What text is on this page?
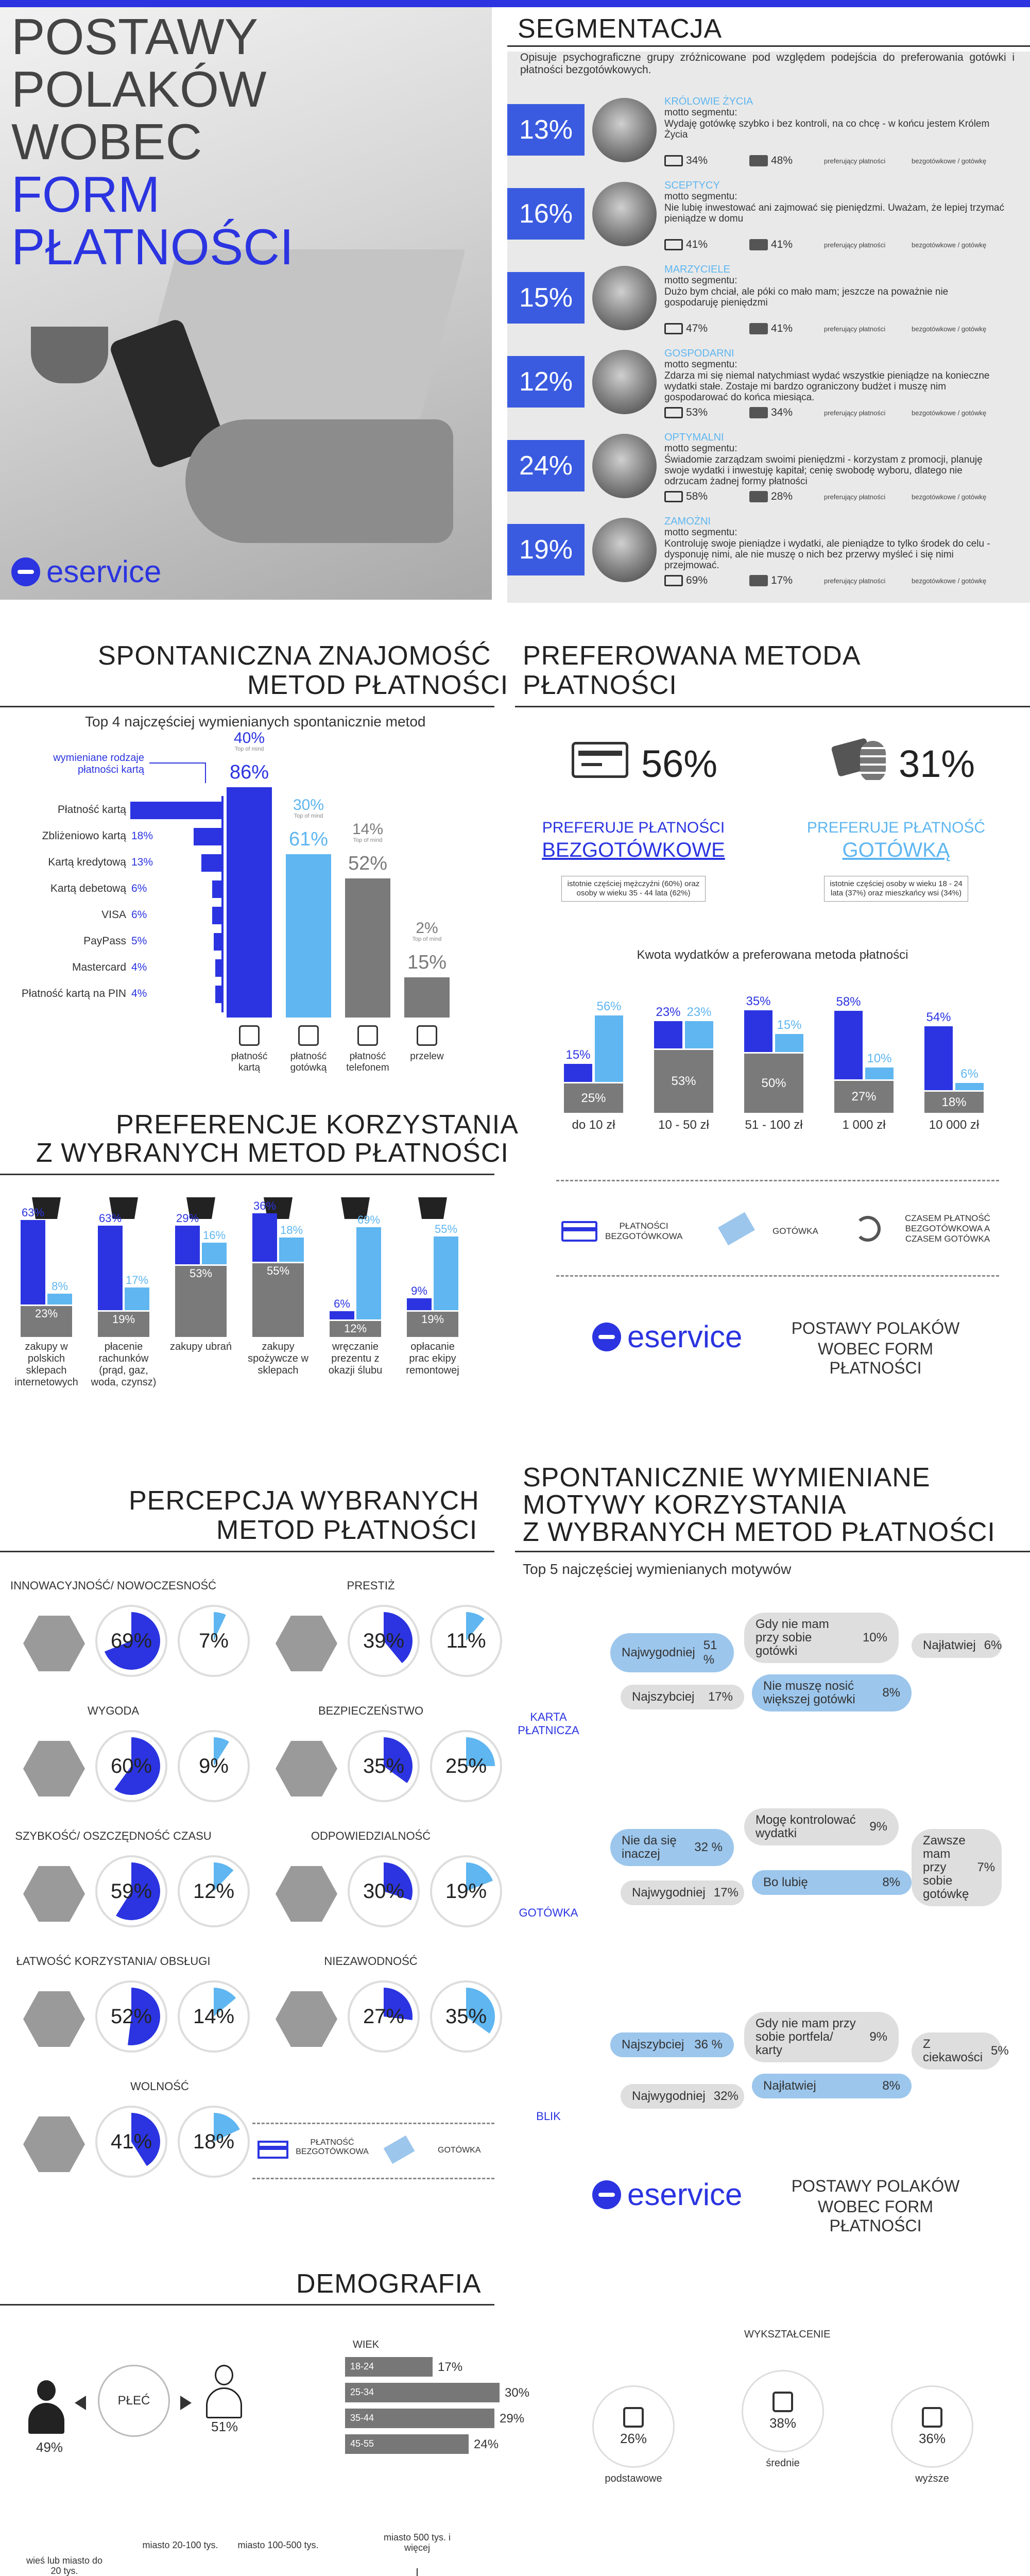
POSTAWY
POLAKÓW
WOBEC
FORM
PŁATNOŚCI
eservice
SEGMENTACJA
Opisuje psychograficzne grupy zróżnicowane pod względem podejścia do preferowania gotówki i płatności bezgotówkowych.
13%
KRÓLOWIE ŻYCIA
motto segmentu:
Wydaję gotówkę szybko i bez kontroli, na co chcę - w końcu jestem Królem Życia
34%	48%	preferujący płatności	bezgotówkowe / gotówkę
16%
SCEPTYCY
motto segmentu:
Nie lubię inwestować ani zajmować się pieniędzmi. Uważam, że lepiej trzymać pieniądze w domu
41%	41%	preferujący płatności	bezgotówkowe / gotówkę
15%
MARZYCIELE
motto segmentu:
Dużo bym chciał, ale póki co mało mam; jeszcze na poważnie nie gospodaruję pieniędzmi
47%	41%	preferujący płatności	bezgotówkowe / gotówkę
12%
GOSPODARNI
motto segmentu:
Zdarza mi się niemal natychmiast wydać wszystkie pieniądze na konieczne wydatki stałe. Zostaje mi bardzo ograniczony budżet i muszę nim gospodarować do końca miesiąca.
53%	34%	preferujący płatności	bezgotówkowe / gotówkę
24%
OPTYMALNI
motto segmentu:
Świadomie zarządzam swoimi pieniędzmi - korzystam z promocji, planuję swoje wydatki i inwestuję kapitał; cenię swobodę wyboru, dlatego nie odrzucam żadnej formy płatności
58%	28%	preferujący płatności	bezgotówkowe / gotówkę
19%
ZAMOŻNI
motto segmentu:
Kontroluję swoje pieniądze i wydatki, ale pieniądze to tylko środek do celu - dysponuję nimi, ale nie muszę o nich bez przerwy myśleć i się nimi przejmować.
69%	17%	preferujący płatności	bezgotówkowe / gotówkę
SPONTANICZNA ZNAJOMOŚĆ
METOD PŁATNOŚCI
Top 4 najczęściej wymienianych spontanicznie metod
wymieniane rodzaje płatności kartą
Płatność kartą
Zbliżeniowo kartą 18%
Kartą kredytową 13%
Kartą debetową 6%
VISA 6%
PayPass 5%
Mastercard 4%
Płatność kartą na PIN 4%
40%
Top of mind
86%
płatność kartą
30%
Top of mind
61%
płatność gotówką
14%
Top of mind
52%
płatność telefonem
2%
Top of mind
15%
przelew
PREFEROWANA METODA
PŁATNOŚCI
56%	31%
PREFERUJE PŁATNOŚCI
BEZGOTÓWKOWE
istotnie częściej mężczyźni (60%) oraz osoby w wieku 35 - 44 lata (62%)
PREFERUJE PŁATNOŚĆ
GOTÓWKĄ
istotnie częściej osoby w wieku 18 - 24 lata (37%) oraz mieszkańcy wsi (34%)
Kwota wydatków a preferowana metoda płatności
25%
15%
56%
do 10 zł
53%
23% 23%
10 - 50 zł
50%
35%
15%
51 - 100 zł
27%
58%
10%
1 000 zł
18%
54%
6%
10 000 zł
PŁATNOŚCI BEZGOTÓWKOWA
GOTÓWKA
CZASEM PŁATNOŚĆ BEZGOTÓWKOWA A CZASEM GOTÓWKA
PREFERENCJE KORZYSTANIA
Z WYBRANYCH METOD PŁATNOŚCI
23%
63%
8%
zakupy w polskich sklepach internetowych
19%
63%
17%
płacenie rachunków (prąd, gaz, woda, czynsz)
53%
29%
16%
zakupy ubrań
55%
36%
18%
zakupy spożywcze w sklepach
12%
6%
69%
wręczanie prezentu z okazji ślubu
19%
9%
55%
opłacanie prac ekipy remontowej
eservice	POSTAWY POLAKÓW
WOBEC FORM PŁATNOŚCI
PERCEPCJA WYBRANYCH
METOD PŁATNOŚCI
INNOWACYJNOŚĆ/ NOWOCZESNOŚĆ
69%	7%
PRESTIŻ
39%	11%
WYGODA
60%	9%
BEZPIECZEŃSTWO
35%	25%
SZYBKOŚĆ/ OSZCZĘDNOŚĆ CZASU
59%	12%
ODPOWIEDZIALNOŚĆ
30%	19%
ŁATWOŚĆ KORZYSTANIA/ OBSŁUGI
52%	14%
NIEZAWODNOŚĆ
27%	35%
WOLNOŚĆ
41%	18%	PŁATNOŚĆ BEZGOTÓWKOWA	GOTÓWKA
SPONTANICZNIE WYMIENIANE
MOTYWY KORZYSTANIA
Z WYBRANYCH METOD PŁATNOŚCI
Top 5 najczęściej wymienianych motywów
KARTA
PŁATNICZA
Najwygodniej
51 %
Gdy nie mam przy sobie gotówki
10%
Najłatwiej 6%
Najszybciej	17%
Nie muszę nosić większej gotówki	8%
GOTÓWKA
Nie da się inaczej	32 %
Mogę kontrolować wydatki	9%
Zawsze mam przy sobie gotówkę
7%
Najwygodniej 17%
Bo lubię	8%
BLIK
Najszybciej 36 %
Gdy nie mam przy sobie portfela/ karty
9%
Z ciekawości 5%
Najwygodniej 32%
Najłatwiej	8%
eservice	POSTAWY POLAKÓW
WOBEC FORM PŁATNOŚCI
DEMOGRAFIA
49%
PŁEĆ
51%
WIEK
18-24	17%
25-34	30%
35-44	29%
45-55	24%
WYKSZTAŁCENIE
26%
podstawowe
38%
średnie
36%
wyższe
wieś lub miasto do 20 tys.
miasto 20-100 tys.	miasto 100-500 tys.
miasto 500 tys. i więcej
